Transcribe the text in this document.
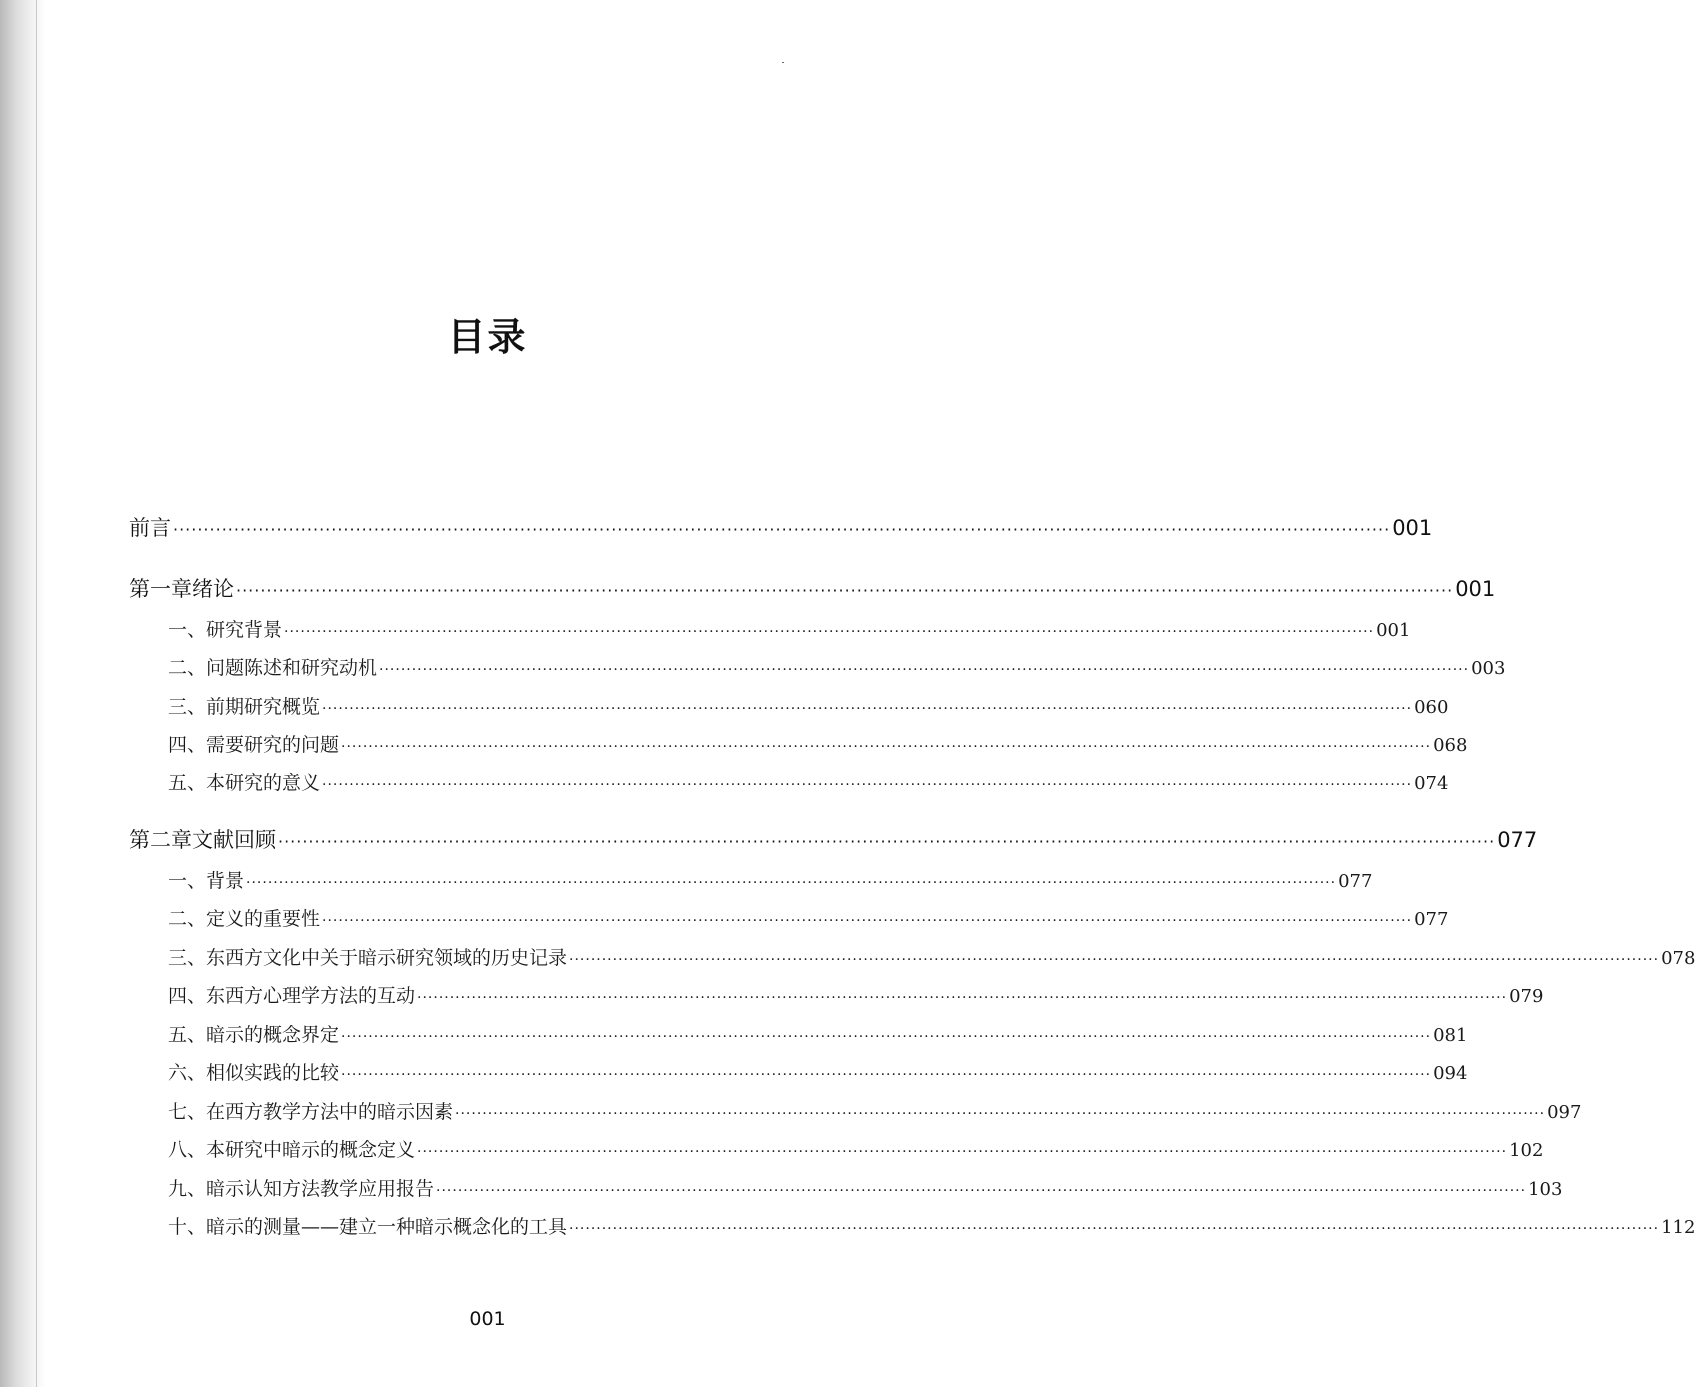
目录
前言 ········································································································································································································ 001
第一章 绪论 ········································································································································································································ 001
一、研究背景 ········································································································································································································ 001
二、问题陈述和研究动机 ········································································································································································································ 003
三、前期研究概览 ········································································································································································································ 060
四、需要研究的问题 ········································································································································································································ 068
五、本研究的意义 ········································································································································································································ 074
第二章 文献回顾 ········································································································································································································ 077
一、背景 ········································································································································································································ 077
二、定义的重要性 ········································································································································································································ 077
三、东西方文化中关于暗示研究领域的历史记录 ········································································································································································································ 078
四、东西方心理学方法的互动 ········································································································································································································ 079
五、暗示的概念界定 ········································································································································································································ 081
六、相似实践的比较 ········································································································································································································ 094
七、在西方教学方法中的暗示因素 ········································································································································································································ 097
八、本研究中暗示的概念定义 ········································································································································································································ 102
九、暗示认知方法教学应用报告 ········································································································································································································ 103
十、暗示的测量——建立一种暗示概念化的工具 ········································································································································································································ 112
001
